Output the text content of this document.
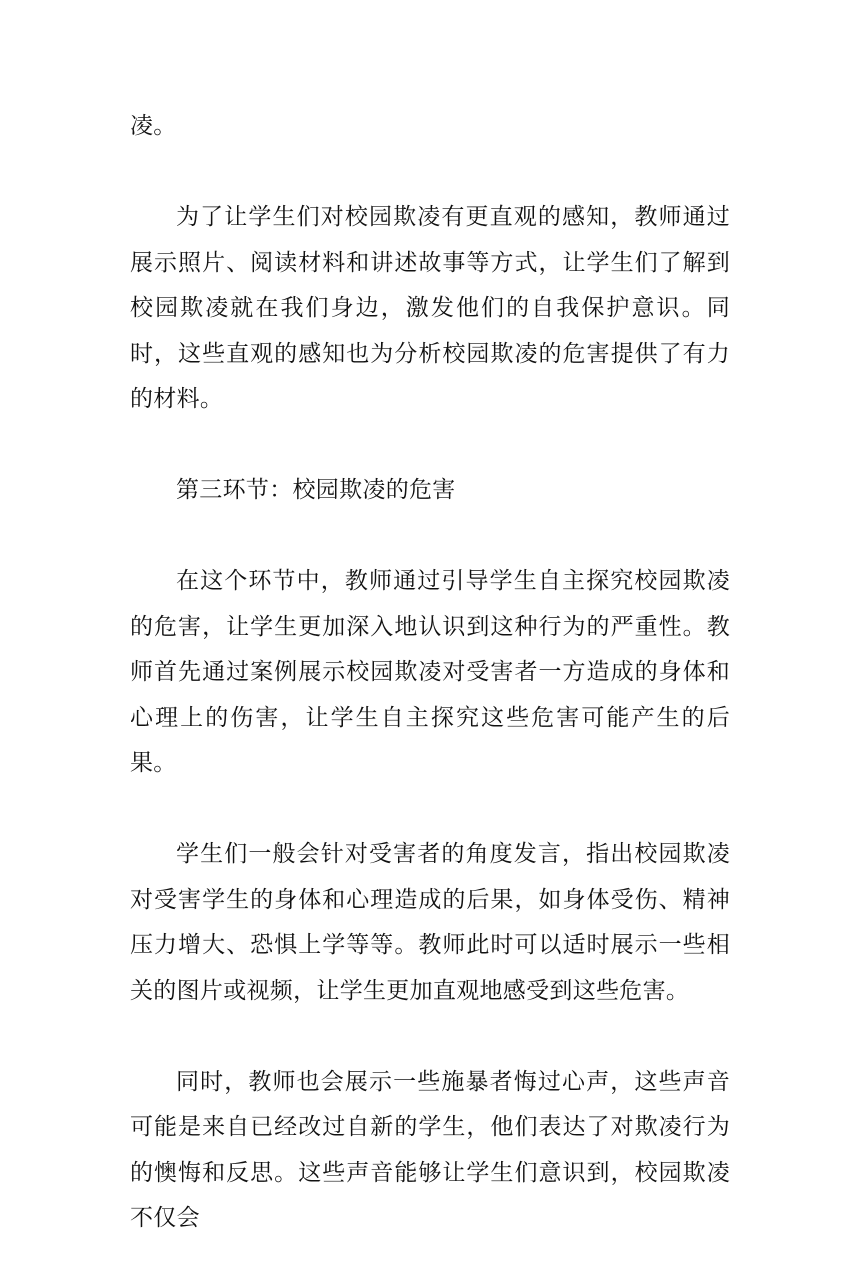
凌。

为了让学生们对校园欺凌有更直观的感知，教师通过展示照片、阅读材料和讲述故事等方式，让学生们了解到校园欺凌就在我们身边，激发他们的自我保护意识。同时，这些直观的感知也为分析校园欺凌的危害提供了有力的材料。

第三环节：校园欺凌的危害

在这个环节中，教师通过引导学生自主探究校园欺凌的危害，让学生更加深入地认识到这种行为的严重性。教师首先通过案例展示校园欺凌对受害者一方造成的身体和心理上的伤害，让学生自主探究这些危害可能产生的后果。

学生们一般会针对受害者的角度发言，指出校园欺凌对受害学生的身体和心理造成的后果，如身体受伤、精神压力增大、恐惧上学等等。教师此时可以适时展示一些相关的图片或视频，让学生更加直观地感受到这些危害。

同时，教师也会展示一些施暴者悔过心声，这些声音可能是来自已经改过自新的学生，他们表达了对欺凌行为的懊悔和反思。这些声音能够让学生们意识到，校园欺凌不仅会
